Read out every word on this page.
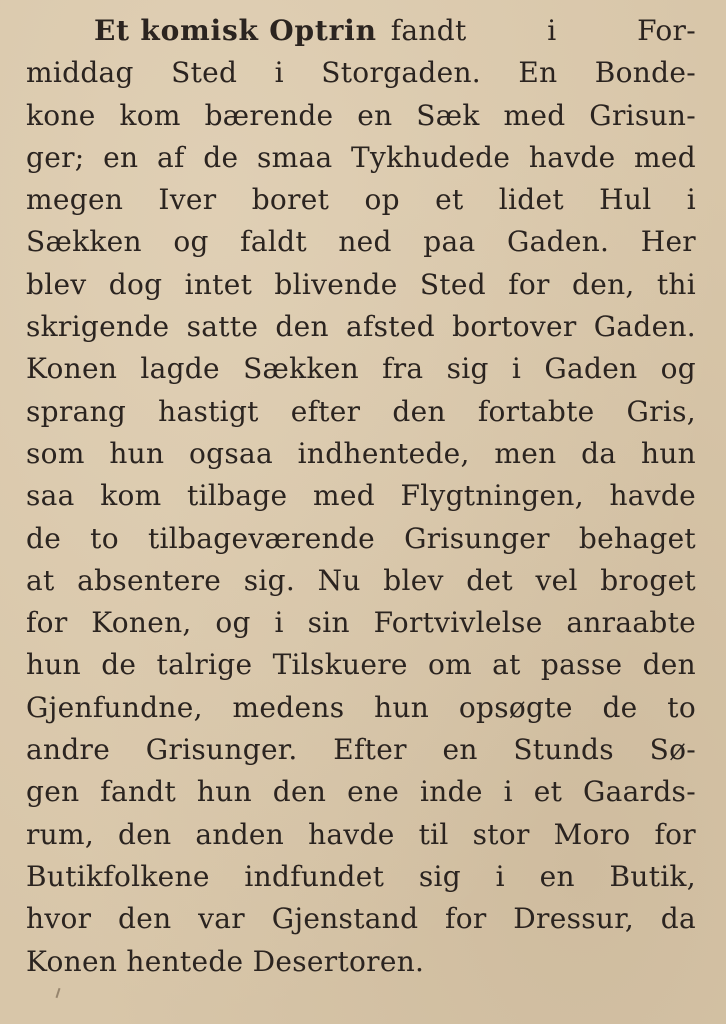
Et komisk Optrin fandt i For-
middag Sted i Storgaden. En Bonde-
kone kom bærende en Sæk med Grisun-
ger; en af de smaa Tykhudede havde med
megen Iver boret op et lidet Hul i
Sækken og faldt ned paa Gaden. Her
blev dog intet blivende Sted for den, thi
skrigende satte den afsted bortover Gaden.
Konen lagde Sækken fra sig i Gaden og
sprang hastigt efter den fortabte Gris,
som hun ogsaa indhentede, men da hun
saa kom tilbage med Flygtningen, havde
de to tilbageværende Grisunger behaget
at absentere sig. Nu blev det vel broget
for Konen, og i sin Fortvivlelse anraabte
hun de talrige Tilskuere om at passe den
Gjenfundne, medens hun opsøgte de to
andre Grisunger. Efter en Stunds Sø-
gen fandt hun den ene inde i et Gaards-
rum, den anden havde til stor Moro for
Butikfolkene indfundet sig i en Butik,
hvor den var Gjenstand for Dressur, da
Konen hentede Desertoren.
